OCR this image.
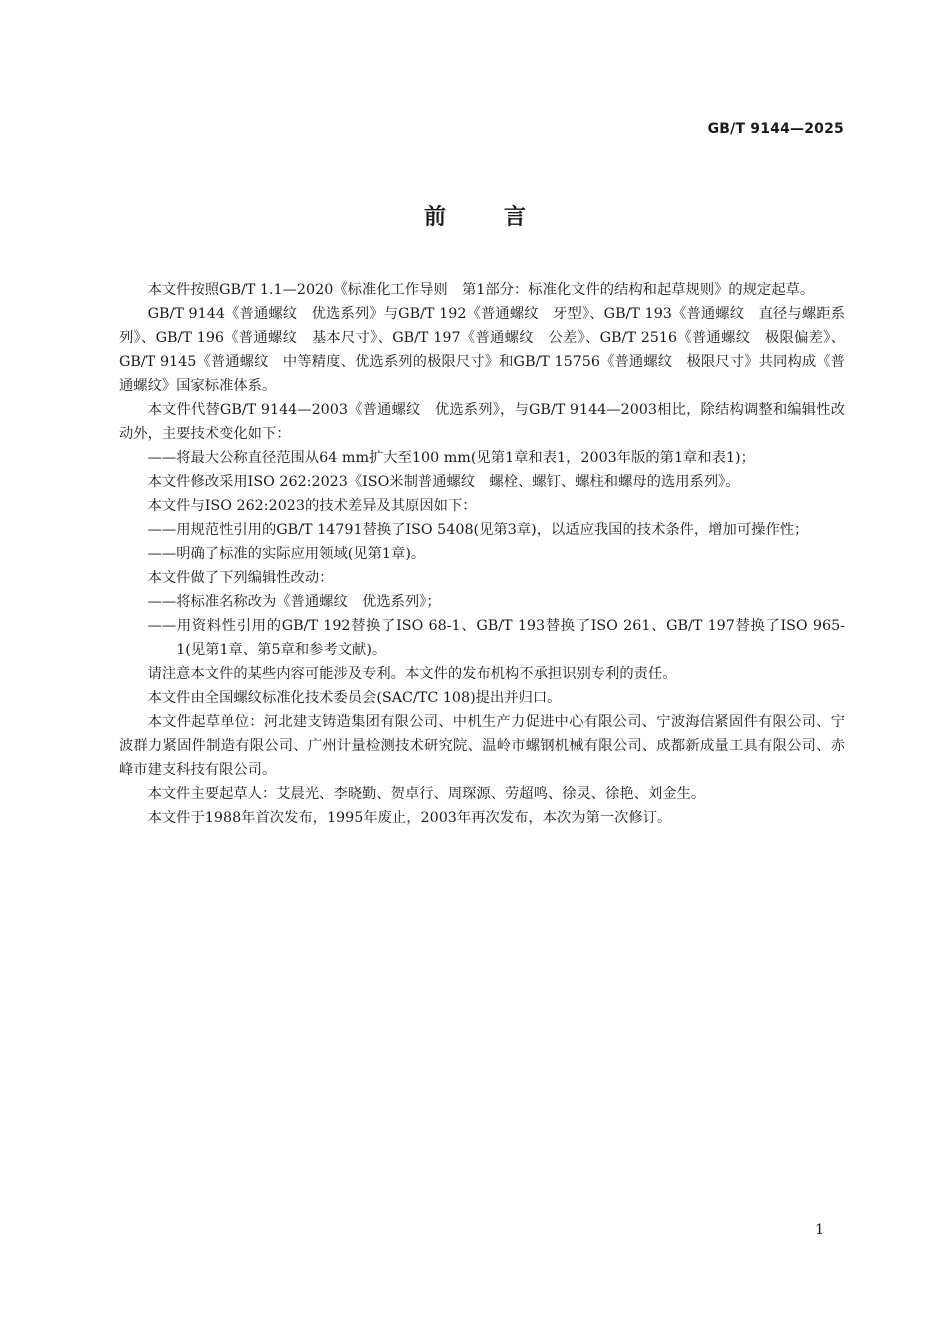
GB/T 9144—2025
前言

本文件按照GB/T 1.1—2020《标准化工作导则　第1部分：标准化文件的结构和起草规则》的规定起草。

GB/T 9144《普通螺纹　优选系列》与GB/T 192《普通螺纹　牙型》、GB/T 193《普通螺纹　直径与螺距系列》、GB/T 196《普通螺纹　基本尺寸》、GB/T 197《普通螺纹　公差》、GB/T 2516《普通螺纹　极限偏差》、GB/T 9145《普通螺纹　中等精度、优选系列的极限尺寸》和GB/T 15756《普通螺纹　极限尺寸》共同构成《普通螺纹》国家标准体系。

本文件代替GB/T 9144—2003《普通螺纹　优选系列》，与GB/T 9144—2003相比，除结构调整和编辑性改动外，主要技术变化如下：

——将最大公称直径范围从64 mm扩大至100 mm(见第1章和表1，2003年版的第1章和表1)；

本文件修改采用ISO 262:2023《ISO米制普通螺纹　螺栓、螺钉、螺柱和螺母的选用系列》。

本文件与ISO 262:2023的技术差异及其原因如下：

——用规范性引用的GB/T 14791替换了ISO 5408(见第3章)，以适应我国的技术条件，增加可操作性；

——明确了标准的实际应用领域(见第1章)。

本文件做了下列编辑性改动：

——将标准名称改为《普通螺纹　优选系列》；

——用资料性引用的GB/T 192替换了ISO 68-1、GB/T 193替换了ISO 261、GB/T 197替换了ISO 965-1(见第1章、第5章和参考文献)。

请注意本文件的某些内容可能涉及专利。本文件的发布机构不承担识别专利的责任。

本文件由全国螺纹标准化技术委员会(SAC/TC 108)提出并归口。

本文件起草单位：河北建支铸造集团有限公司、中机生产力促进中心有限公司、宁波海信紧固件有限公司、宁波群力紧固件制造有限公司、广州计量检测技术研究院、温岭市螺钢机械有限公司、成都新成量工具有限公司、赤峰市建支科技有限公司。

本文件主要起草人：艾晨光、李晓勤、贺卓行、周琛源、劳超鸣、徐灵、徐艳、刘金生。

本文件于1988年首次发布，1995年废止，2003年再次发布，本次为第一次修订。

1
